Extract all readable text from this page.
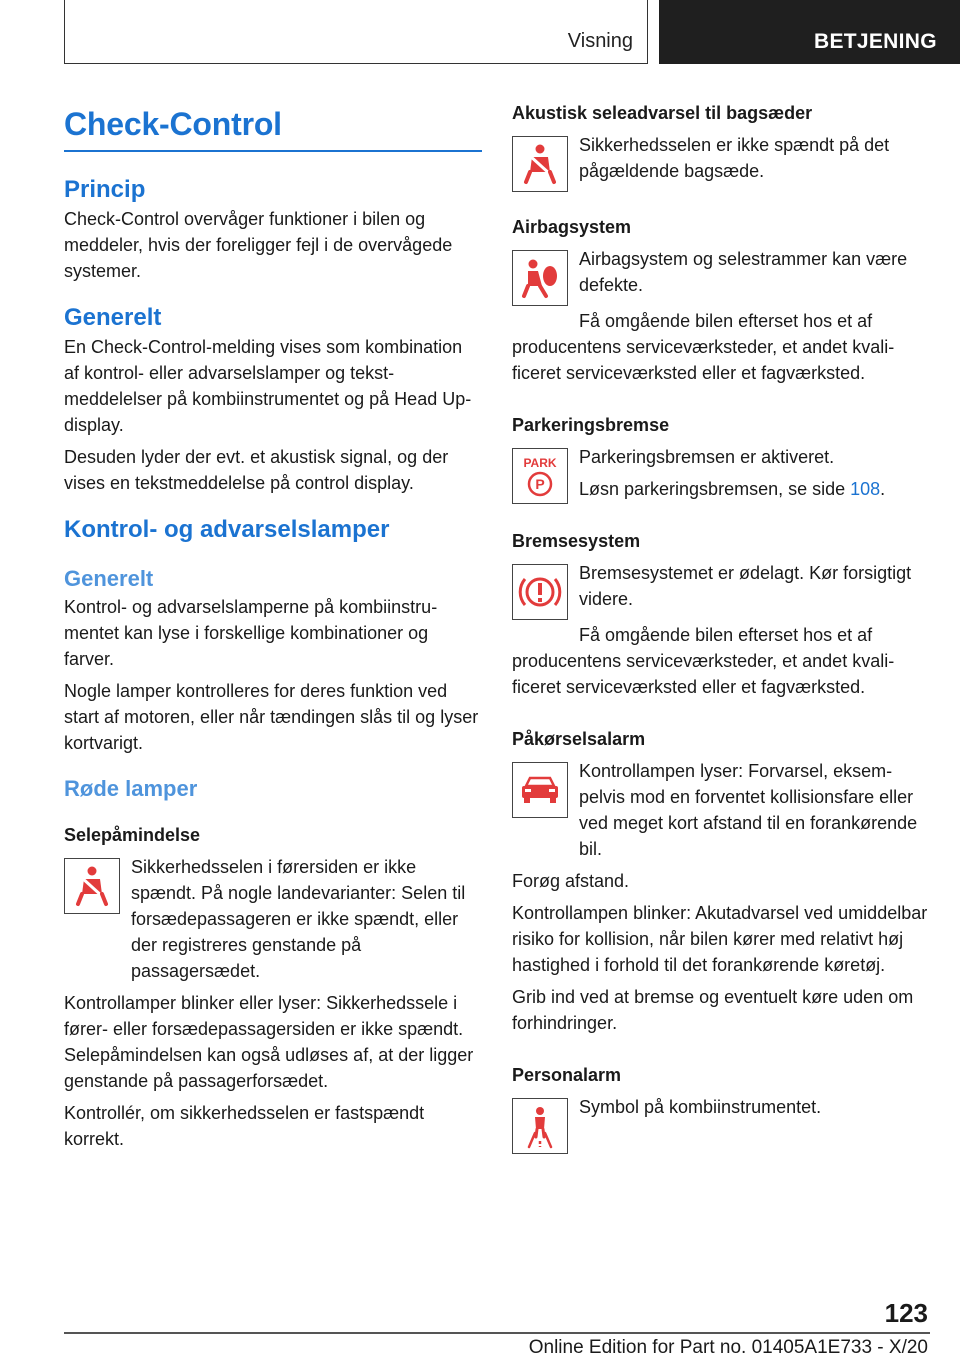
Visning	BETJENING
Check-Control
Princip

Check-Control overvåger funktioner i bilen og meddeler, hvis der foreligger fejl i de overvågede systemer.

Generelt

En Check-Control-melding vises som kombination af kontrol- eller advarselslamper og tekstmeddelelser på kombiinstrumentet og på Head Up-display.

Desuden lyder der evt. et akustisk signal, og der vises en tekstmeddelelse på control display.

Kontrol- og advarselslamper
Generelt

Kontrol- og advarselslamperne på kombiinstrumentet kan lyse i forskellige kombinationer og farver.

Nogle lamper kontrolleres for deres funktion ved start af motoren, eller når tændingen slås til og lyser kortvarigt.

Røde lamper
Selepåmindelse

Sikkerhedsselen i førersiden er ikke spændt. På nogle landevarianter: Selen til forsædepassageren er ikke spændt, eller der registreres genstande på passagersædet.

Kontrollamper blinker eller lyser: Sikkerhedssele i fører- eller forsædepassagersiden er ikke spændt. Selepåmindelsen kan også udløses af, at der ligger genstande på passagerforsædet.

Kontrollér, om sikkerhedsselen er fastspændt korrekt.

Akustisk seleadvarsel til bagsæder

Sikkerhedsselen er ikke spændt på det pågældende bagsæde.

Airbagsystem

Airbagsystem og selestrammer kan være defekte.

Få omgående bilen efterset hos et af producentens serviceværksteder, et andet kvalificeret serviceværksted eller et fagværksted.

Parkeringsbremse
PARK
P

Parkeringsbremsen er aktiveret.

Løsn parkeringsbremsen, se side 108.

Bremsesystem

Bremsesystemet er ødelagt. Kør forsigtigt videre.

Få omgående bilen efterset hos et af producentens serviceværksteder, et andet kvalificeret serviceværksted eller et fagværksted.

Påkørselsalarm

Kontrollampen lyser: Forvarsel, eksempelvis mod en forventet kollisionsfare eller ved meget kort afstand til en forankørende bil.

Forøg afstand.

Kontrollampen blinker: Akutadvarsel ved umiddelbar risiko for kollision, når bilen kører med relativt høj hastighed i forhold til det forankørende køretøj.

Grib ind ved at bremse og eventuelt køre uden om forhindringer.

Personalarm

Symbol på kombiinstrumentet.

123
Online Edition for Part no. 01405A1E733 - X/20
